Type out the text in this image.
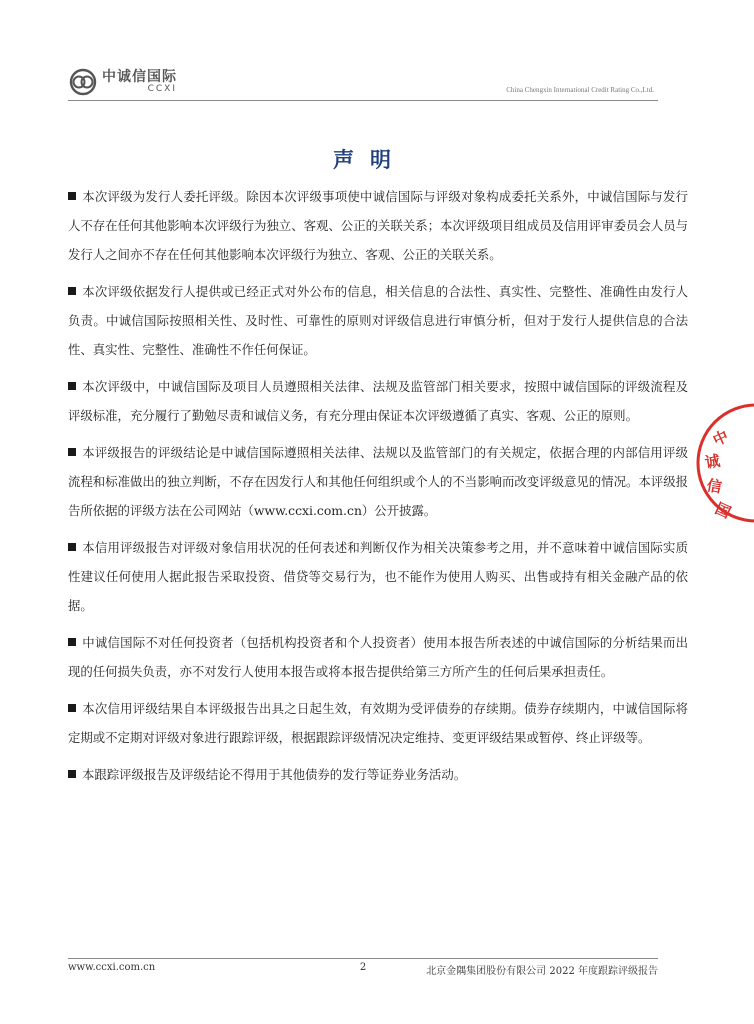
中诚信国际
CCXI	China Chengxin International Credit Rating Co.,Ltd.
声明

本次评级为发行人委托评级。除因本次评级事项使中诚信国际与评级对象构成委托关系外，中诚信国际与发行人不存在任何其他影响本次评级行为独立、客观、公正的关联关系；本次评级项目组成员及信用评审委员会人员与发行人之间亦不存在任何其他影响本次评级行为独立、客观、公正的关联关系。

本次评级依据发行人提供或已经正式对外公布的信息，相关信息的合法性、真实性、完整性、准确性由发行人负责。中诚信国际按照相关性、及时性、可靠性的原则对评级信息进行审慎分析，但对于发行人提供信息的合法性、真实性、完整性、准确性不作任何保证。

本次评级中，中诚信国际及项目人员遵照相关法律、法规及监管部门相关要求，按照中诚信国际的评级流程及评级标准，充分履行了勤勉尽责和诚信义务，有充分理由保证本次评级遵循了真实、客观、公正的原则。

本评级报告的评级结论是中诚信国际遵照相关法律、法规以及监管部门的有关规定，依据合理的内部信用评级流程和标准做出的独立判断，不存在因发行人和其他任何组织或个人的不当影响而改变评级意见的情况。本评级报告所依据的评级方法在公司网站（www.ccxi.com.cn）公开披露。

本信用评级报告对评级对象信用状况的任何表述和判断仅作为相关决策参考之用，并不意味着中诚信国际实质性建议任何使用人据此报告采取投资、借贷等交易行为，也不能作为使用人购买、出售或持有相关金融产品的依据。

中诚信国际不对任何投资者（包括机构投资者和个人投资者）使用本报告所表述的中诚信国际的分析结果而出现的任何损失负责，亦不对发行人使用本报告或将本报告提供给第三方所产生的任何后果承担责任。

本次信用评级结果自本评级报告出具之日起生效，有效期为受评债券的存续期。债券存续期内，中诚信国际将定期或不定期对评级对象进行跟踪评级，根据跟踪评级情况决定维持、变更评级结果或暂停、终止评级等。

本跟踪评级报告及评级结论不得用于其他债券的发行等证券业务活动。

中
诚
信
国
www.ccxi.com.cn	2	北京金隅集团股份有限公司 2022 年度跟踪评级报告
